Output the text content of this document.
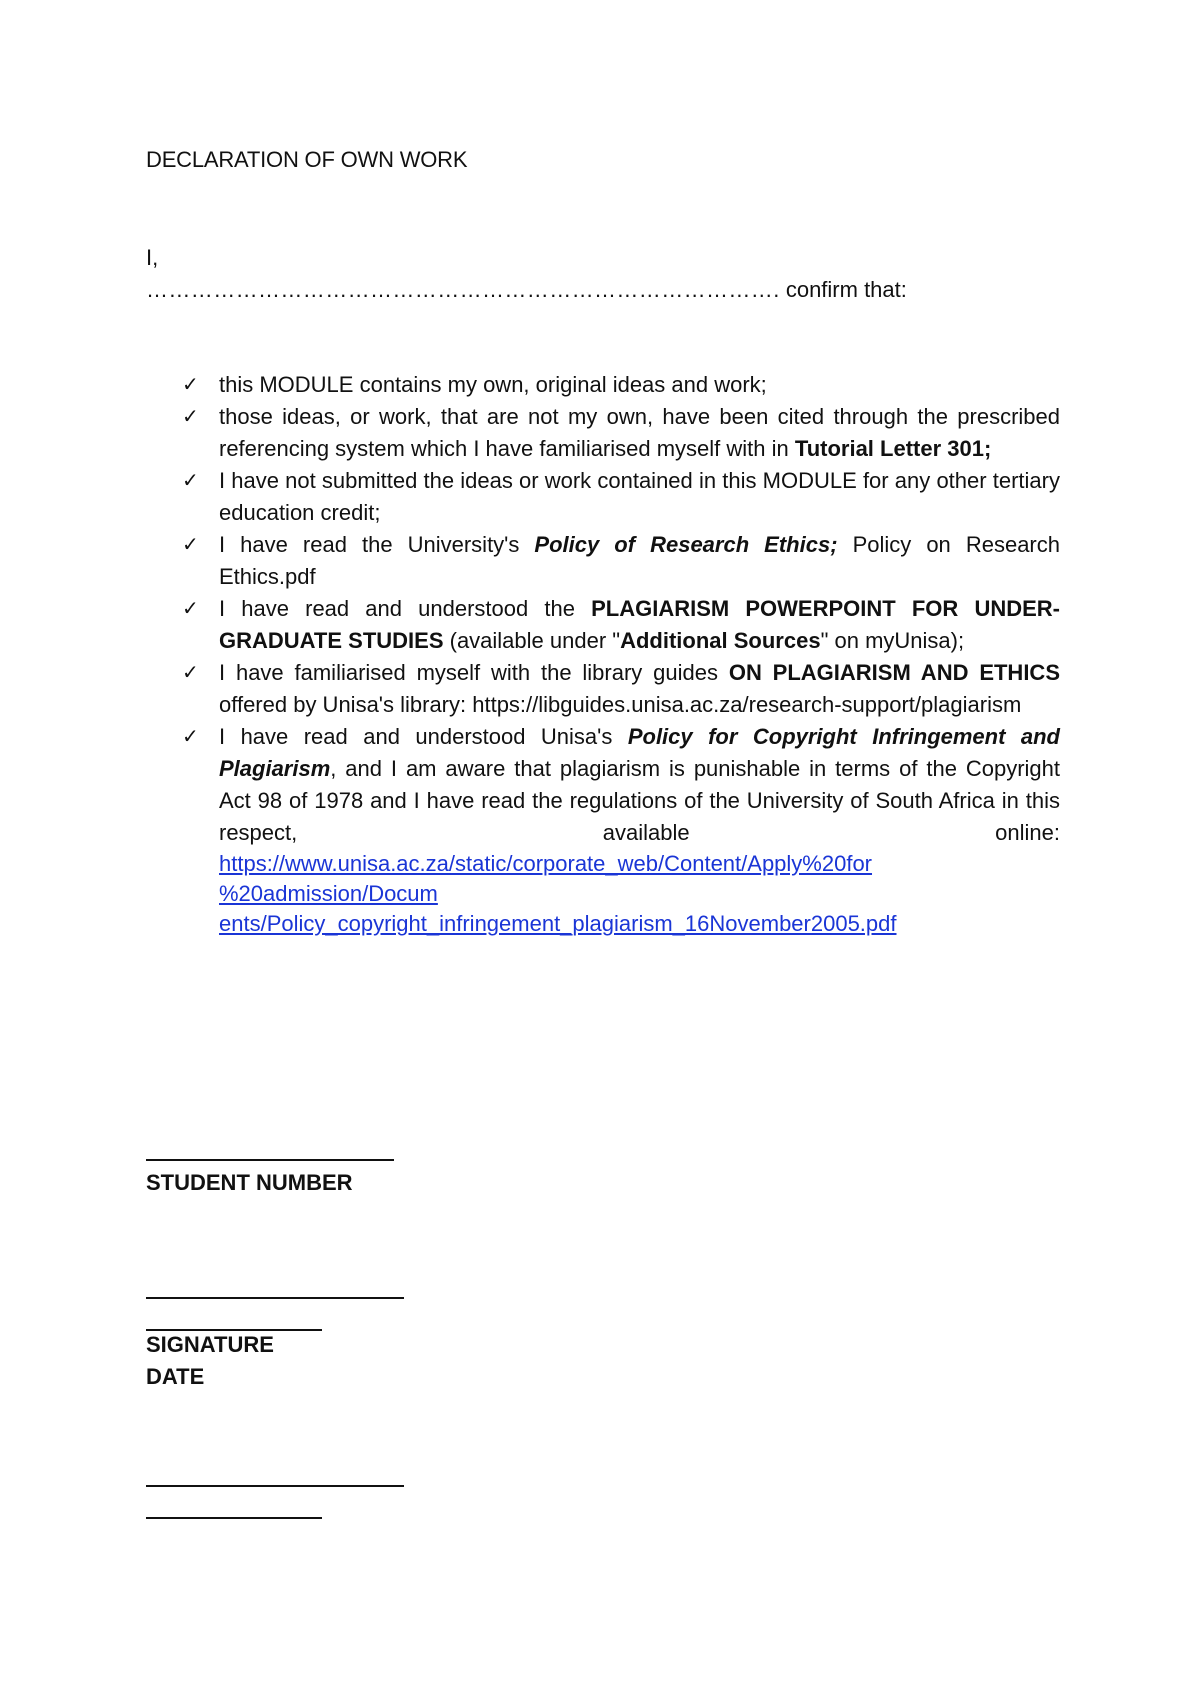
DECLARATION OF OWN WORK
I,
…………………………………………………………………………. confirm that:
✓ this MODULE contains my own, original ideas and work;
✓ those ideas, or work, that are not my own, have been cited through the prescribed referencing system which I have familiarised myself with in Tutorial Letter 301;
✓ I have not submitted the ideas or work contained in this MODULE for any other tertiary education credit;
✓ I have read the University's Policy of Research Ethics; Policy on Research Ethics.pdf
✓ I have read and understood the PLAGIARISM POWERPOINT FOR UNDER-GRADUATE STUDIES (available under "Additional Sources" on myUnisa);
✓ I have familiarised myself with the library guides ON PLAGIARISM AND ETHICS offered by Unisa's library: https://libguides.unisa.ac.za/research-support/plagiarism
✓ I have read and understood Unisa's Policy for Copyright Infringement and Plagiarism, and I am aware that plagiarism is punishable in terms of the Copyright Act 98 of 1978 and I have read the regulations of the University of South Africa in this respect, available online:
https://www.unisa.ac.za/static/corporate_web/Content/Apply%20for
%20admission/Docum
ents/Policy_copyright_infringement_plagiarism_16November2005.pdf
STUDENT NUMBER
SIGNATURE
DATE
